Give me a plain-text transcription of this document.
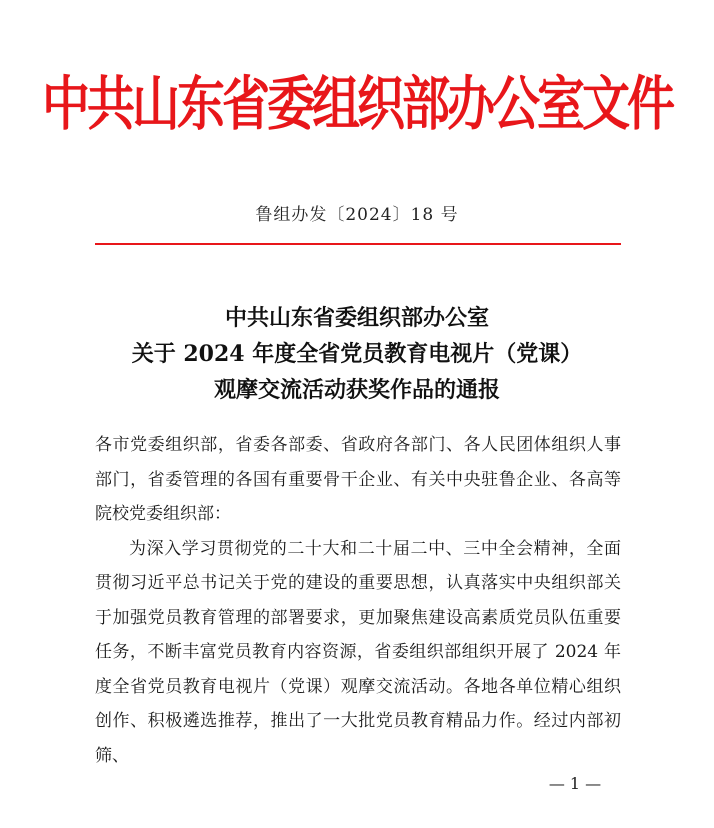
中共山东省委组织部办公室文件
鲁组办发〔2024〕18 号
中共山东省委组织部办公室
关于 2024 年度全省党员教育电视片（党课）
观摩交流活动获奖作品的通报

各市党委组织部，省委各部委、省政府各部门、各人民团体组织人事部门，省委管理的各国有重要骨干企业、有关中央驻鲁企业、各高等院校党委组织部：

为深入学习贯彻党的二十大和二十届二中、三中全会精神，全面贯彻习近平总书记关于党的建设的重要思想，认真落实中央组织部关于加强党员教育管理的部署要求，更加聚焦建设高素质党员队伍重要任务，不断丰富党员教育内容资源，省委组织部组织开展了 2024 年度全省党员教育电视片（党课）观摩交流活动。各地各单位精心组织创作、积极遴选推荐，推出了一大批党员教育精品力作。经过内部初筛、

— 1 —
